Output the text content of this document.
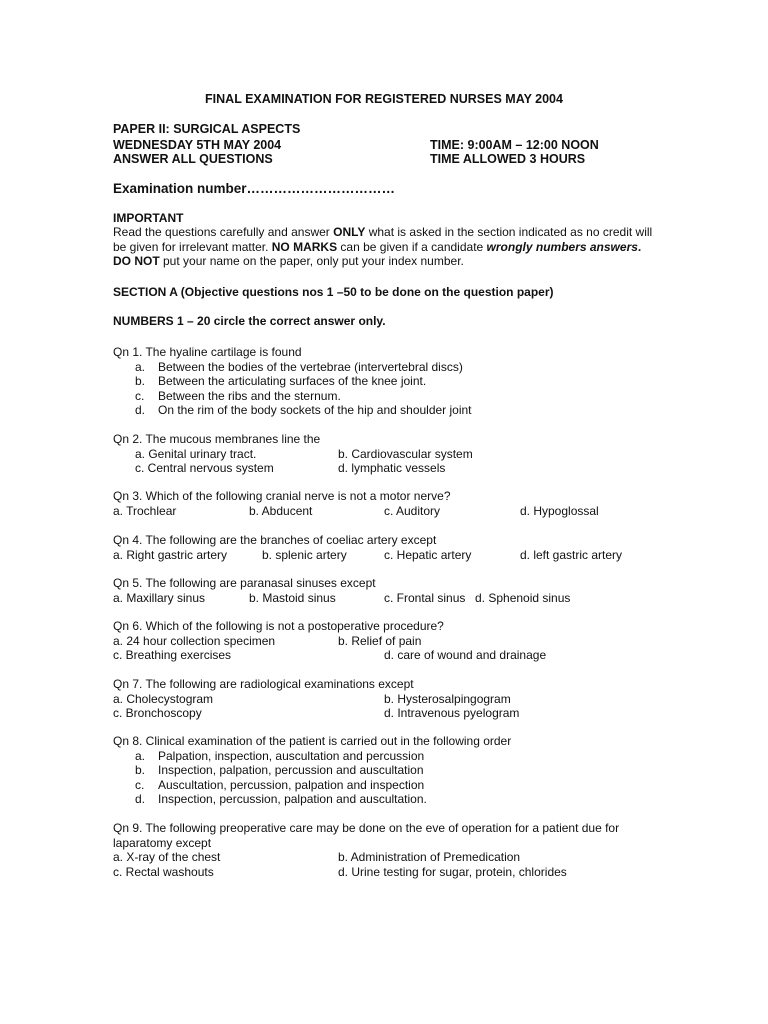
FINAL EXAMINATION FOR REGISTERED NURSES MAY 2004
PAPER II: SURGICAL ASPECTS
WEDNESDAY 5TH MAY 2004	TIME: 9:00AM – 12:00 NOON
ANSWER ALL QUESTIONS	TIME ALLOWED 3 HOURS
Examination number……………………………
IMPORTANT
Read the questions carefully and answer ONLY what is asked in the section indicated as no credit will be given for irrelevant matter. NO MARKS can be given if a candidate wrongly numbers answers. DO NOT put your name on the paper, only put your index number.
SECTION A (Objective questions nos 1 –50 to be done on the question paper)
NUMBERS 1 – 20 circle the correct answer only.
Qn 1. The hyaline cartilage is found
a.	Between the bodies of the vertebrae (intervertebral discs)
b.	Between the articulating surfaces of the knee joint.
c.	Between the ribs and the sternum.
d.	On the rim of the body sockets of the hip and shoulder joint
Qn 2. The mucous membranes line the
a. Genital urinary tract.	b. Cardiovascular system
c. Central nervous system	d. lymphatic vessels
Qn 3. Which of the following cranial nerve is not a motor nerve?
a. Trochlear	b. Abducent	c. Auditory	d. Hypoglossal
Qn 4. The following are the branches of coeliac artery except
a. Right gastric artery	b. splenic artery	c. Hepatic artery	d. left gastric artery
Qn 5. The following are paranasal sinuses except
a. Maxillary sinus	b. Mastoid sinus	c. Frontal sinus d. Sphenoid sinus
Qn 6. Which of the following is not a postoperative procedure?
a. 24 hour collection specimen	b. Relief of pain
c. Breathing exercises	d. care of wound and drainage
Qn 7. The following are radiological examinations except
a. Cholecystogram	b. Hysterosalpingogram
c. Bronchoscopy	d. Intravenous pyelogram
Qn 8. Clinical examination of the patient is carried out in the following order
a.	Palpation, inspection, auscultation and percussion
b.	Inspection, palpation, percussion and auscultation
c.	Auscultation, percussion, palpation and inspection
d.	Inspection, percussion, palpation and auscultation.
Qn 9. The following preoperative care may be done on the eve of operation for a patient due for
laparatomy except
a. X-ray of the chest	b. Administration of Premedication
c. Rectal washouts	d. Urine testing for sugar, protein, chlorides
